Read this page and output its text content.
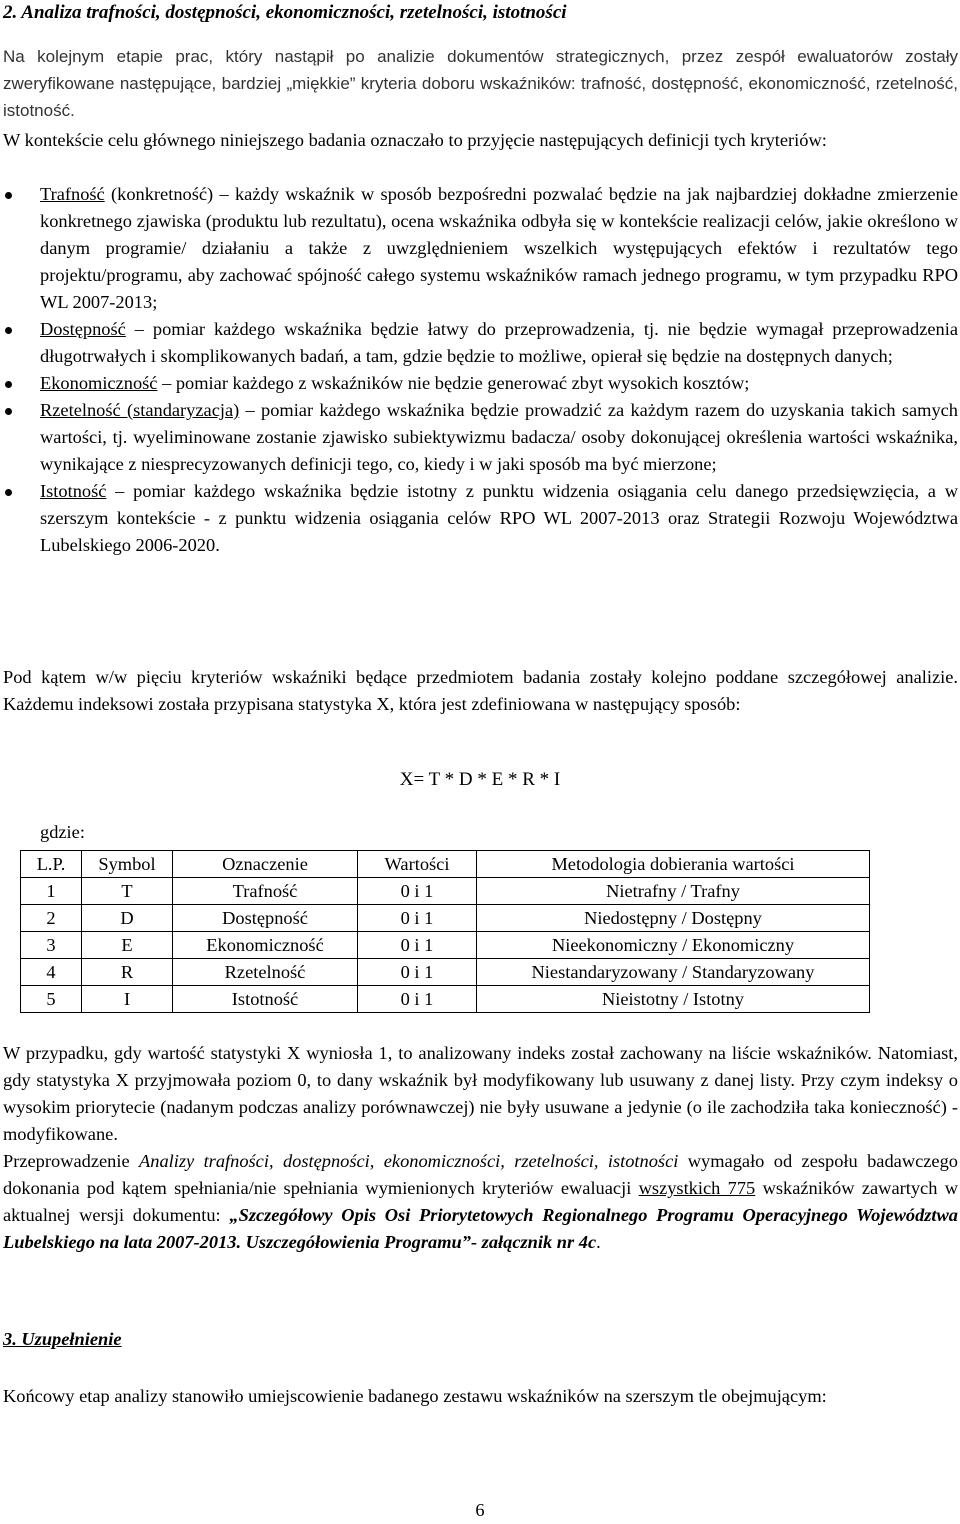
2. Analiza trafności, dostępności, ekonomiczności, rzetelności, istotności
Na kolejnym etapie prac, który nastąpił po analizie dokumentów strategicznych, przez zespół ewaluatorów zostały zweryfikowane następujące, bardziej „miękkie” kryteria doboru wskaźników: trafność, dostępność, ekonomiczność, rzetelność, istotność.
W kontekście celu głównego niniejszego badania oznaczało to przyjęcie następujących definicji tych kryteriów:
Trafność (konkretność) – każdy wskaźnik w sposób bezpośredni pozwalać będzie na jak najbardziej dokładne zmierzenie konkretnego zjawiska (produktu lub rezultatu), ocena wskaźnika odbyła się w kontekście realizacji celów, jakie określono w danym programie/ działaniu a także z uwzględnieniem wszelkich występujących efektów i rezultatów tego projektu/programu, aby zachować spójność całego systemu wskaźników ramach jednego programu, w tym przypadku RPO WL 2007-2013;
Dostępność – pomiar każdego wskaźnika będzie łatwy do przeprowadzenia, tj. nie będzie wymagał przeprowadzenia długotrwałych i skomplikowanych badań, a tam, gdzie będzie to możliwe, opierał się będzie na dostępnych danych;
Ekonomiczność – pomiar każdego z wskaźników nie będzie generować zbyt wysokich kosztów;
Rzetelność (standaryzacja) – pomiar każdego wskaźnika będzie prowadzić za każdym razem do uzyskania takich samych wartości, tj. wyeliminowane zostanie zjawisko subiektywizmu badacza/ osoby dokonującej określenia wartości wskaźnika, wynikające z niesprecyzowanych definicji tego, co, kiedy i w jaki sposób ma być mierzone;
Istotność – pomiar każdego wskaźnika będzie istotny z punktu widzenia osiągania celu danego przedsięwzięcia, a w szerszym kontekście - z punktu widzenia osiągania celów RPO WL 2007-2013 oraz Strategii Rozwoju Województwa Lubelskiego 2006-2020.
Pod kątem w/w pięciu kryteriów wskaźniki będące przedmiotem badania zostały kolejno poddane szczegółowej analizie. Każdemu indeksowi została przypisana statystyka X, która jest zdefiniowana w następujący sposób:
X= T * D * E * R * I
gdzie:
L.P.	Symbol	Oznaczenie	Wartości	Metodologia dobierania wartości
1	T	Trafność	0 i 1	Nietrafny / Trafny
2	D	Dostępność	0 i 1	Niedostępny / Dostępny
3	E	Ekonomiczność	0 i 1	Nieekonomiczny / Ekonomiczny
4	R	Rzetelność	0 i 1	Niestandaryzowany / Standaryzowany
5	I	Istotność	0 i 1	Nieistotny / Istotny
W przypadku, gdy wartość statystyki X wyniosła 1, to analizowany indeks został zachowany na liście wskaźników. Natomiast, gdy statystyka X przyjmowała poziom 0, to dany wskaźnik był modyfikowany lub usuwany z danej listy. Przy czym indeksy o wysokim priorytecie (nadanym podczas analizy porównawczej) nie były usuwane a jedynie (o ile zachodziła taka konieczność) - modyfikowane.
Przeprowadzenie Analizy trafności, dostępności, ekonomiczności, rzetelności, istotności wymagało od zespołu badawczego dokonania pod kątem spełniania/nie spełniania wymienionych kryteriów ewaluacji wszystkich 775 wskaźników zawartych w aktualnej wersji dokumentu: „Szczegółowy Opis Osi Priorytetowych Regionalnego Programu Operacyjnego Województwa Lubelskiego na lata 2007-2013. Uszczegółowienia Programu”- załącznik nr 4c.
3. Uzupełnienie
Końcowy etap analizy stanowiło umiejscowienie badanego zestawu wskaźników na szerszym tle obejmującym:
6
